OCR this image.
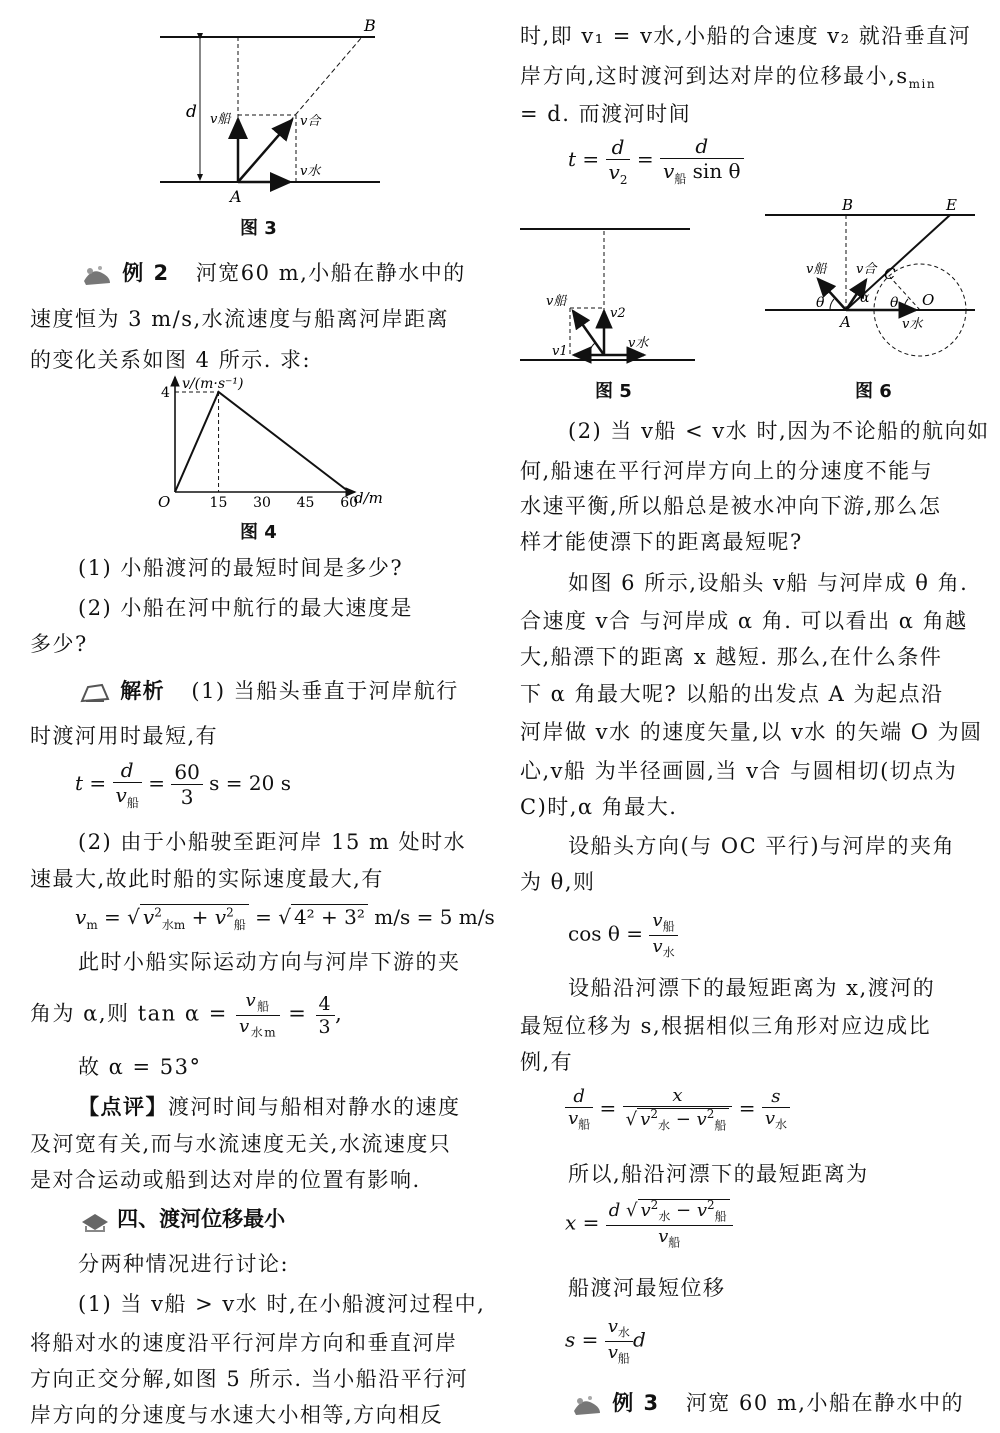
B
A
d v船	v合
v水
图 3
例 2 河宽60 m,小船在静水中的
速度恒为 3 m/s,水流速度与船离河岸距离
的变化关系如图 4 所示. 求:
15 30 45 60
4
v/(m·s⁻¹)
d/m
O
图 4
(1) 小船渡河的最短时间是多少?
(2) 小船在河中航行的最大速度是
多少?
解析 (1) 当船头垂直于河岸航行
时渡河用时最短,有
$t = \frac{d}{v_船} = \frac{60}{3}$ s = 20 s
(2) 由于小船驶至距河岸 15 m 处时水
速最大,故此时船的实际速度最大,有
$v_m$ = √ $v^2_{水m} + v^2_船$ = √ 4² + 3² m/s = 5 m/s
此时小船实际运动方向与河岸下游的夹
角为 α,则 $\tan \alpha = \frac{v_船}{v_{水m}} = \frac{4}{3}$ ,
故 α = 53°
【点评】渡河时间与船相对静水的速度
及河宽有关,而与水流速度无关,水流速度只
是对合运动或船到达对岸的位置有影响.
四、渡河位移最小
分两种情况进行讨论:
(1) 当 v船 > v水 时,在小船渡河过程中,
将船对水的速度沿平行河岸方向和垂直河岸
方向正交分解,如图 5 所示. 当小船沿平行河
岸方向的分速度与水速大小相等,方向相反
时,即 v₁ = v水,小船的合速度 v₂ 就沿垂直河
岸方向,这时渡河到达对岸的位移最小$,s_{min}$
= d. 而渡河时间
$t = \frac{d}{v_2} = \frac{d}{v_船 \sin \theta}$
v船
v2
v1
v水
图 5
B	E
C
A
O
v船 v合
v水
θ	α θ
图 6
(2) 当 v船 < v水 时,因为不论船的航向如
何,船速在平行河岸方向上的分速度不能与
水速平衡,所以船总是被水冲向下游,那么怎
样才能使漂下的距离最短呢?
如图 6 所示,设船头 v船 与河岸成 θ 角.
合速度 v合 与河岸成 α 角. 可以看出 α 角越
大,船漂下的距离 x 越短. 那么,在什么条件
下 α 角最大呢? 以船的出发点 A 为起点沿
河岸做 v水 的速度矢量,以 v水 的矢端 O 为圆
心,v船 为半径画圆,当 v合 与圆相切(切点为
C)时,α 角最大.
设船头方向(与 OC 平行)与河岸的夹角
为 θ,则
$\cos \theta = \frac{v_船}{v_水}$
设船沿河漂下的最短距离为 x,渡河的
最短位移为 s,根据相似三角形对应边成比
例,有
$\frac{d}{v_船} = \frac{x}{√ v^2_水 - v^2_船} = \frac{s}{v_水}$
所以,船沿河漂下的最短距离为
$x = \frac{d √ v^2_水 - v^2_船}{v_船}$
船渡河最短位移
$s = \frac{v_水}{v_船}$ d
例 3 河宽 60 m,小船在静水中的
